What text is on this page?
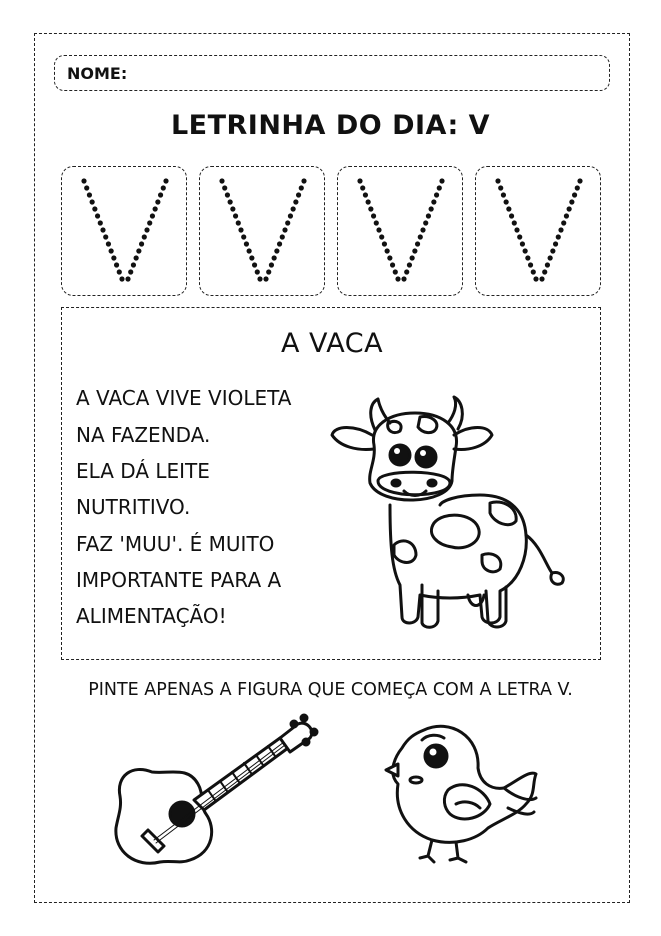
NOME:
LETRINHA DO DIA: V
A VACA
A VACA VIVE VIOLETA
NA FAZENDA.
ELA DÁ LEITE
NUTRITIVO.
FAZ 'MUU'. É MUITO
IMPORTANTE PARA A
ALIMENTAÇÃO!
PINTE APENAS A FIGURA QUE COMEÇA COM A LETRA V.
